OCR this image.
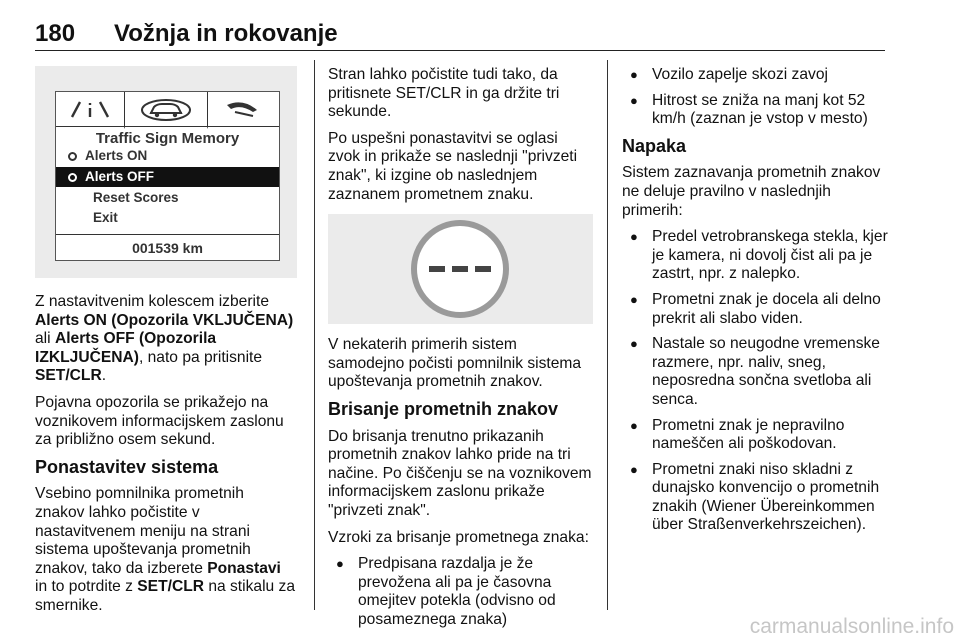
180 Vožnja in rokovanje
Traffic Sign Memory
Alerts ON
Alerts OFF
Reset Scores
Exit
001539 km

Z nastavitvenim kolescem izberite Alerts ON (Opozorila VKLJUČENA) ali Alerts OFF (Opozorila IZKLJUČENA), nato pa pritisnite SET/CLR.

Pojavna opozorila se prikažejo na voznikovem informacijskem zaslonu za približno osem sekund.

Ponastavitev sistema

Vsebino pomnilnika prometnih znakov lahko počistite v nastavitvenem meniju na strani sistema upoštevanja prometnih znakov, tako da izberete Ponastavi in to potrdite z SET/CLR na stikalu za smernike.

Stran lahko počistite tudi tako, da pritisnete SET/CLR in ga držite tri sekunde.

Po uspešni ponastavitvi se oglasi zvok in prikaže se naslednji "privzeti znak", ki izgine ob naslednjem zaznanem prometnem znaku.

V nekaterih primerih sistem samodejno počisti pomnilnik sistema upoštevanja prometnih znakov.

Brisanje prometnih znakov

Do brisanja trenutno prikazanih prometnih znakov lahko pride na tri načine. Po čiščenju se na voznikovem informacijskem zaslonu prikaže "privzeti znak".

Vzroki za brisanje prometnega znaka:

● Predpisana razdalja je že prevožena ali pa je časovna omejitev potekla (odvisno od posameznega znaka)
● Vozilo zapelje skozi zavoj
● Hitrost se zniža na manj kot 52 km/h (zaznan je vstop v mesto)
Napaka

Sistem zaznavanja prometnih znakov ne deluje pravilno v naslednjih primerih:

● Predel vetrobranskega stekla, kjer je kamera, ni dovolj čist ali pa je zastrt, npr. z nalepko.
● Prometni znak je docela ali delno prekrit ali slabo viden.
● Nastale so neugodne vremenske razmere, npr. naliv, sneg, neposredna sončna svetloba ali senca.
● Prometni znak je nepravilno nameščen ali poškodovan.
● Prometni znaki niso skladni z dunajsko konvencijo o prometnih znakih (Wiener Übereinkommen über Straßenverkehrszeichen).
carmanualsonline.info
